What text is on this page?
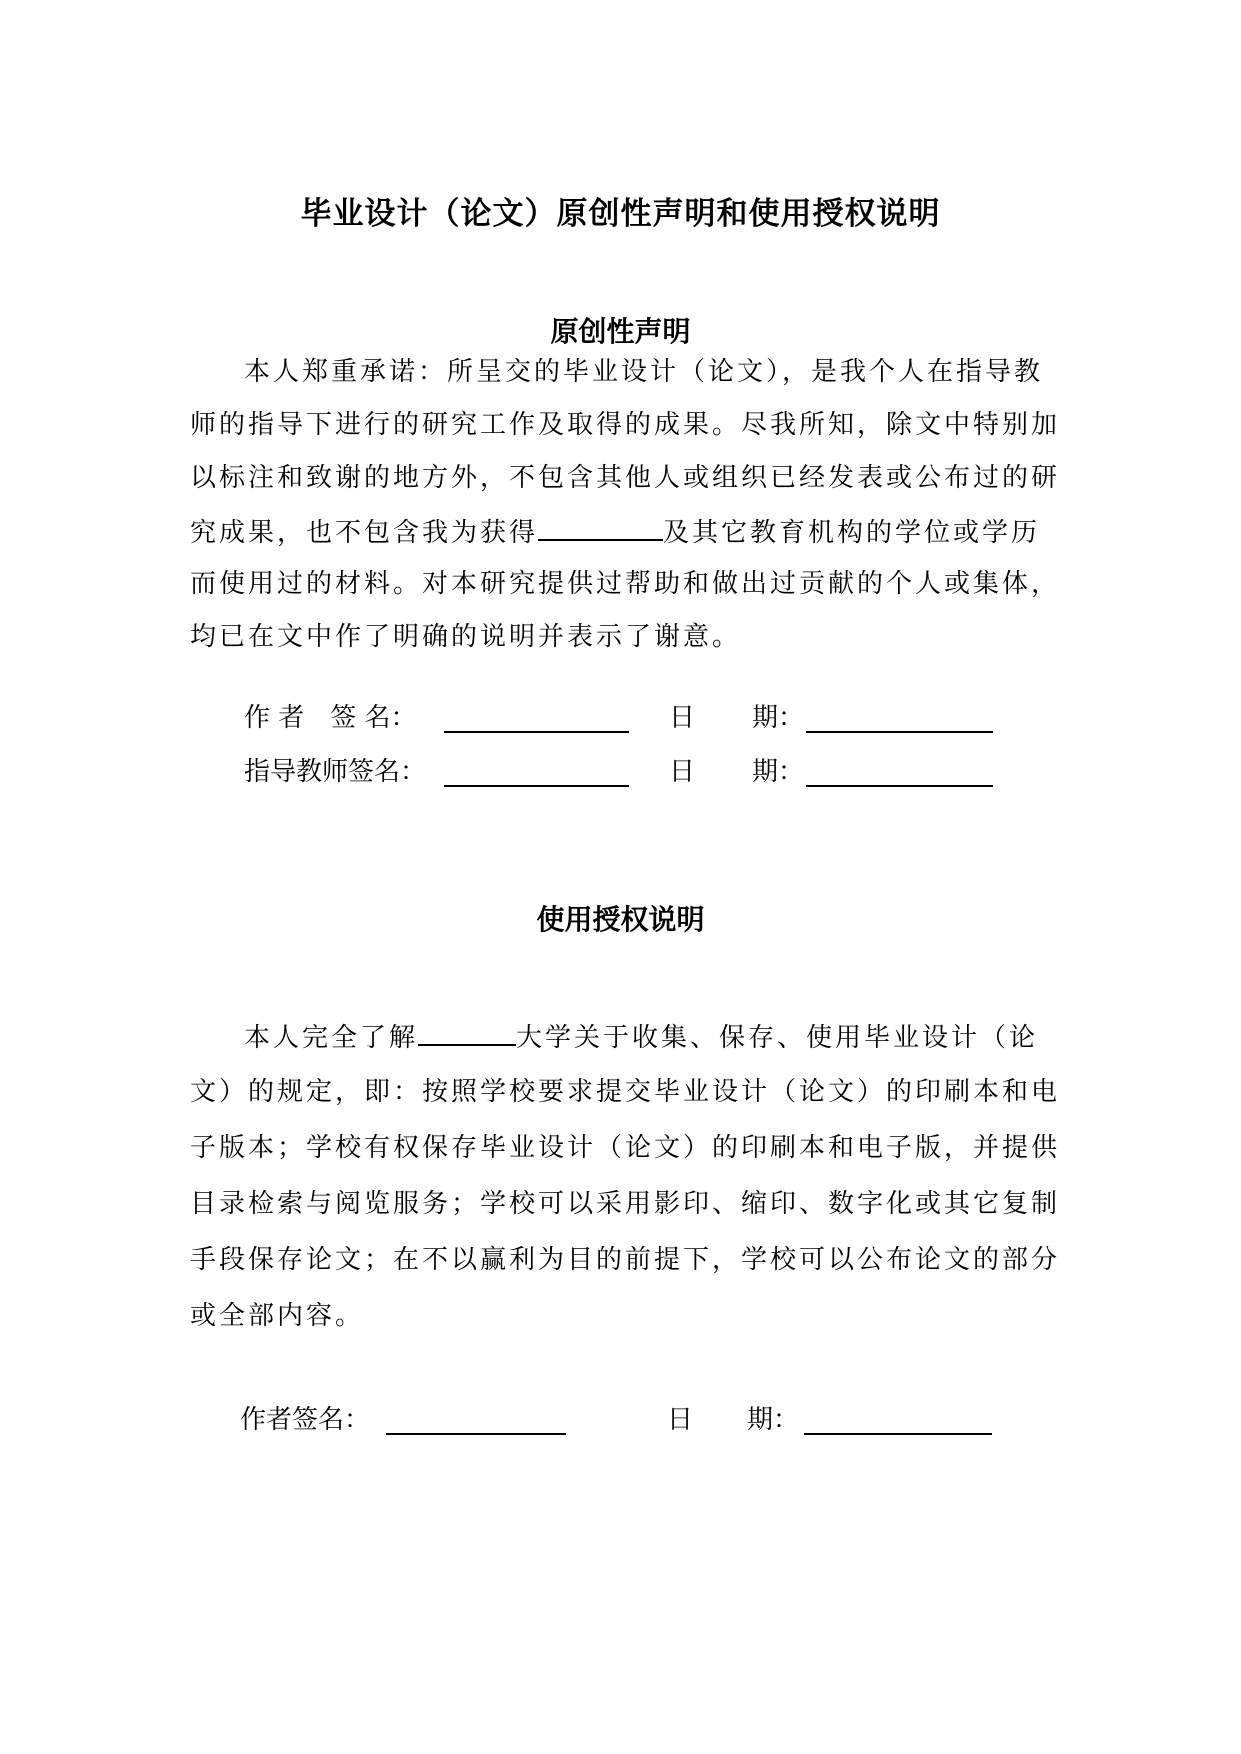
毕业设计（论文）原创性声明和使用授权说明
原创性声明
本人郑重承诺：所呈交的毕业设计（论文），是我个人在指导教
师的指导下进行的研究工作及取得的成果。尽我所知，除文中特别加
以标注和致谢的地方外，不包含其他人或组织已经发表或公布过的研
究成果，也不包含我为获得	及其它教育机构的学位或学历
而使用过的材料。对本研究提供过帮助和做出过贡献的个人或集体，
均已在文中作了明确的说明并表示了谢意。
作 者　签 名：	日 期：
指导教师签名：	日 期：
使用授权说明
本人完全了解	大学关于收集、保存、使用毕业设计（论
文）的规定，即：按照学校要求提交毕业设计（论文）的印刷本和电
子版本；学校有权保存毕业设计（论文）的印刷本和电子版，并提供
目录检索与阅览服务；学校可以采用影印、缩印、数字化或其它复制
手段保存论文；在不以赢利为目的前提下，学校可以公布论文的部分
或全部内容。
作者签名：	日 期：
